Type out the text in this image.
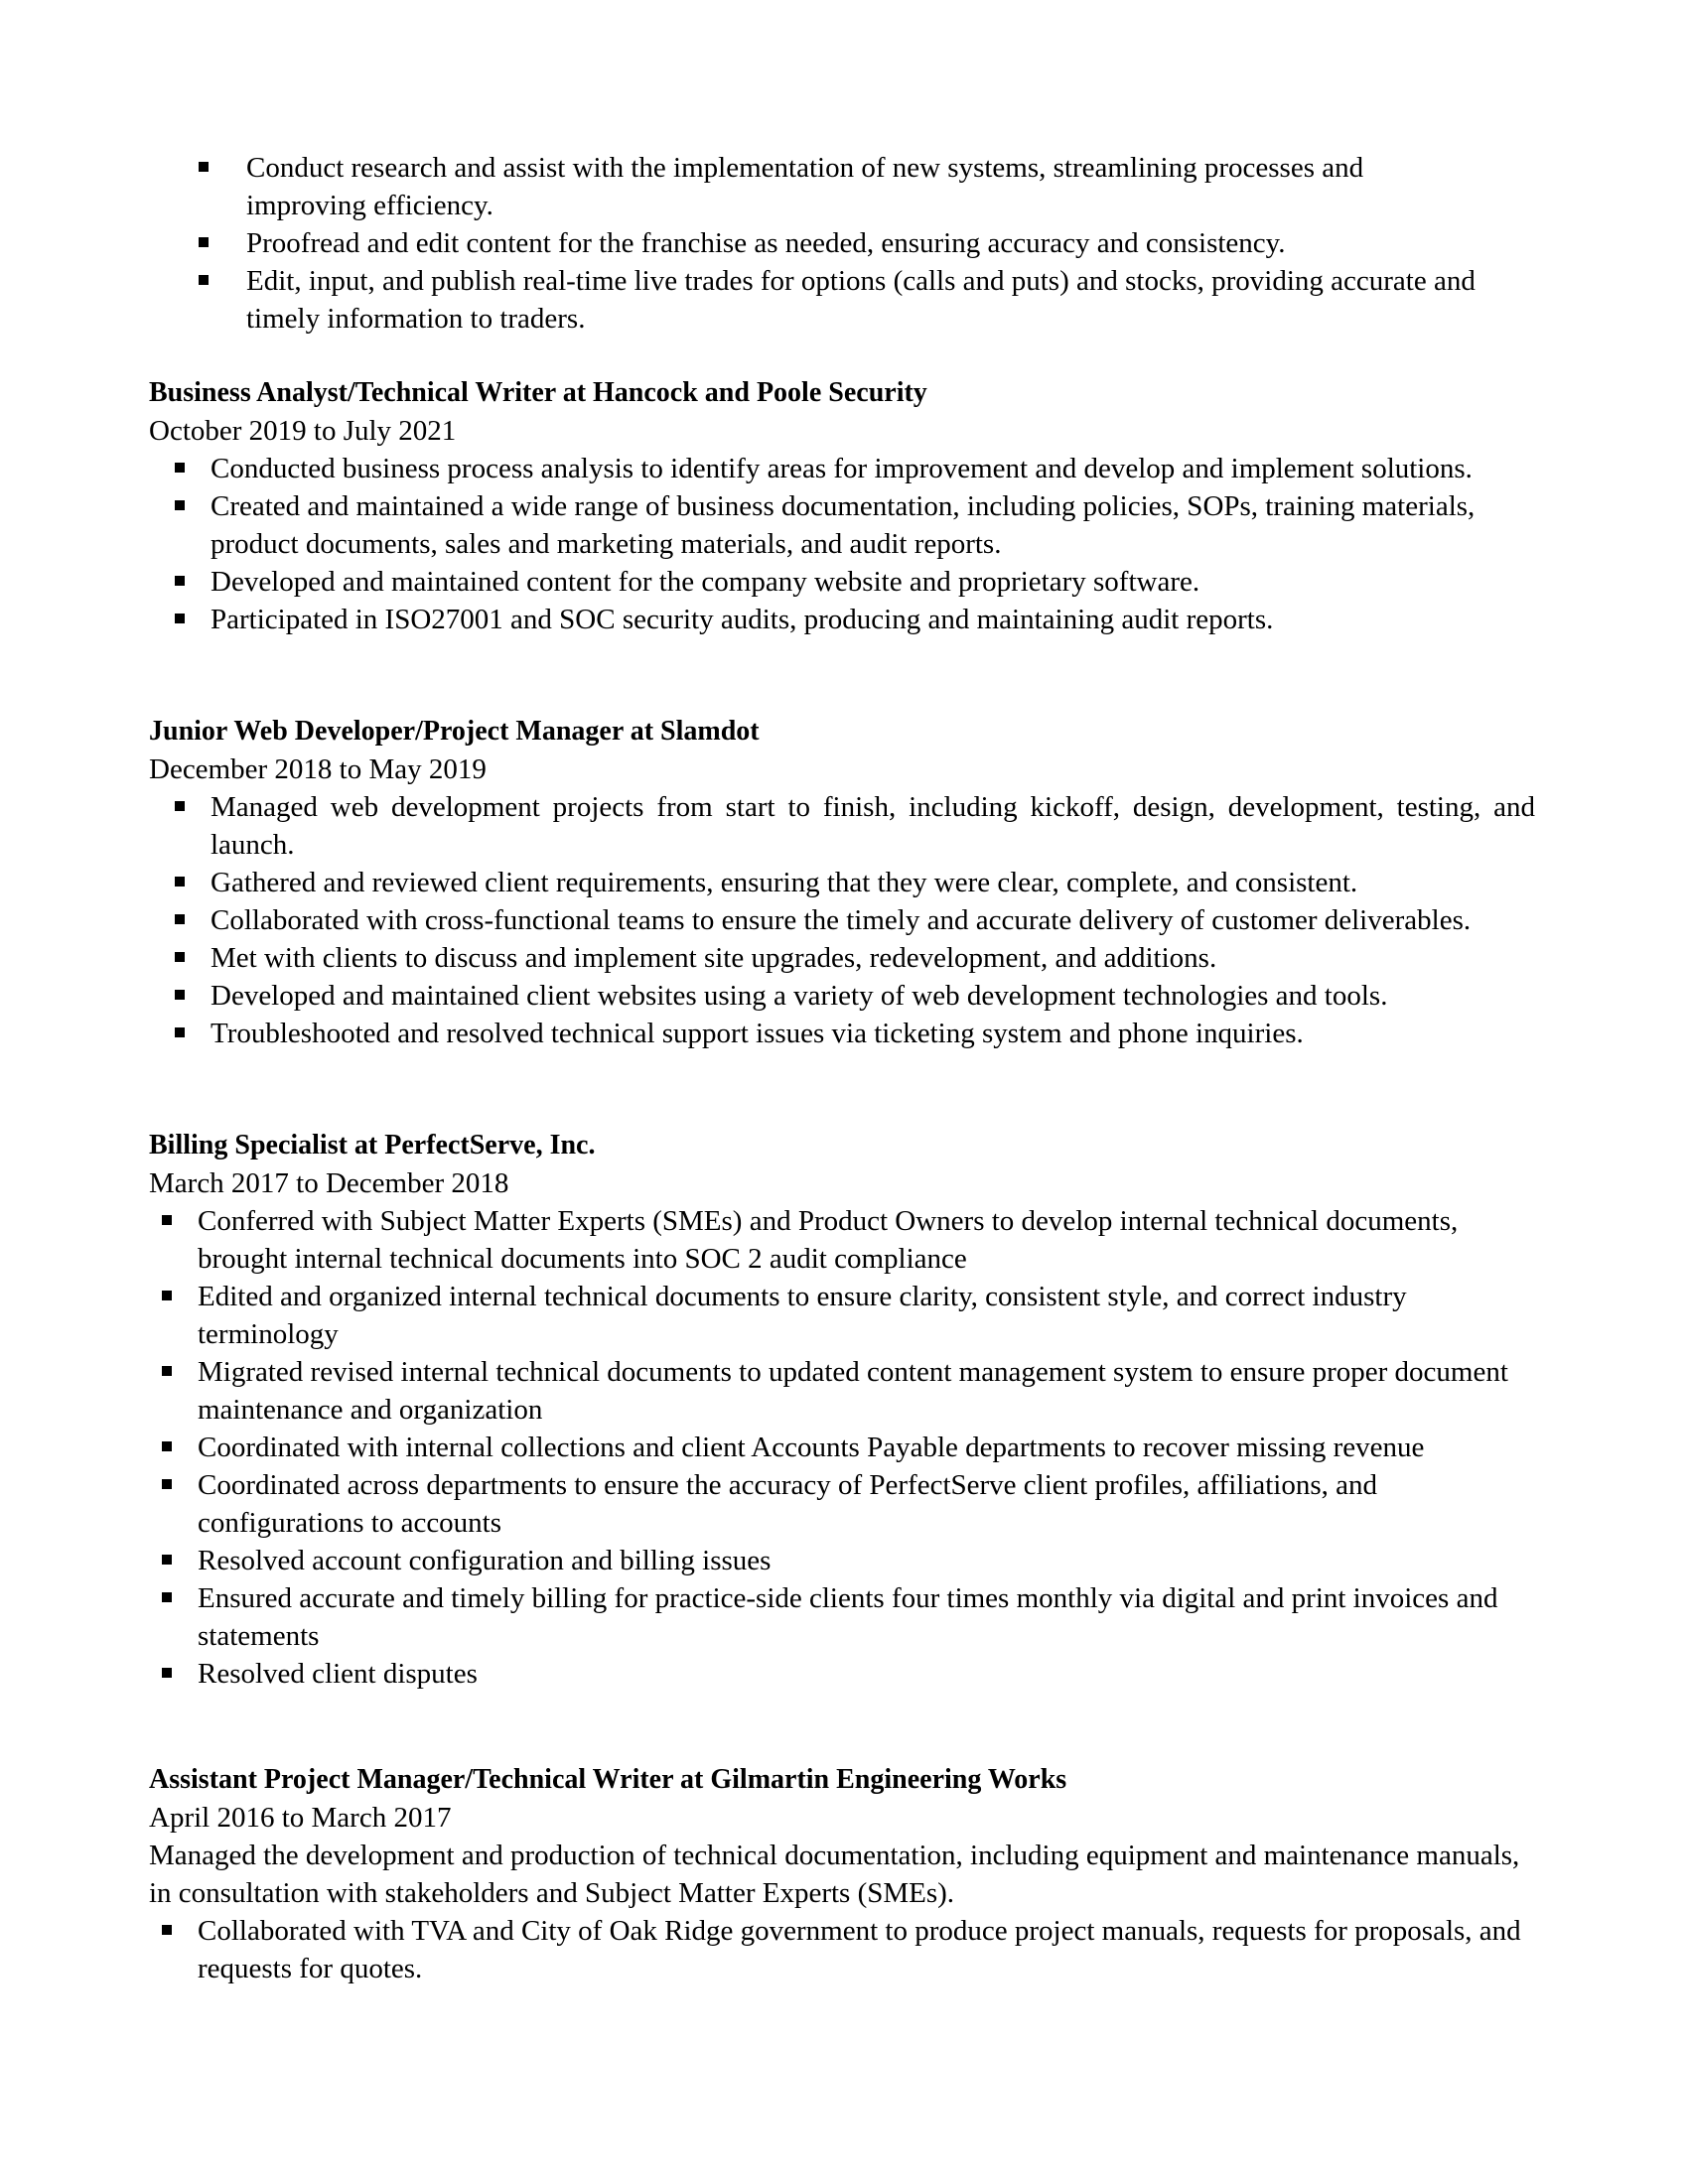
Conduct research and assist with the implementation of new systems, streamlining processes and improving efficiency.
Proofread and edit content for the franchise as needed, ensuring accuracy and consistency.
Edit, input, and publish real-time live trades for options (calls and puts) and stocks, providing accurate and timely information to traders.

Business Analyst/Technical Writer at Hancock and Poole Security

October 2019 to July 2021

Conducted business process analysis to identify areas for improvement and develop and implement solutions.
Created and maintained a wide range of business documentation, including policies, SOPs, training materials, product documents, sales and marketing materials, and audit reports.
Developed and maintained content for the company website and proprietary software.
Participated in ISO27001 and SOC security audits, producing and maintaining audit reports.

Junior Web Developer/Project Manager at Slamdot

December 2018 to May 2019

Managed web development projects from start to finish, including kickoff, design, development, testing, and launch.
Gathered and reviewed client requirements, ensuring that they were clear, complete, and consistent.
Collaborated with cross-functional teams to ensure the timely and accurate delivery of customer deliverables.
Met with clients to discuss and implement site upgrades, redevelopment, and additions.
Developed and maintained client websites using a variety of web development technologies and tools.
Troubleshooted and resolved technical support issues via ticketing system and phone inquiries.

Billing Specialist at PerfectServe, Inc.

March 2017 to December 2018

Conferred with Subject Matter Experts (SMEs) and Product Owners to develop internal technical documents, brought internal technical documents into SOC 2 audit compliance
Edited and organized internal technical documents to ensure clarity, consistent style, and correct industry terminology
Migrated revised internal technical documents to updated content management system to ensure proper document maintenance and organization
Coordinated with internal collections and client Accounts Payable departments to recover missing revenue
Coordinated across departments to ensure the accuracy of PerfectServe client profiles, affiliations, and configurations to accounts
Resolved account configuration and billing issues
Ensured accurate and timely billing for practice-side clients four times monthly via digital and print invoices and statements
Resolved client disputes

Assistant Project Manager/Technical Writer at Gilmartin Engineering Works

April 2016 to March 2017

Managed the development and production of technical documentation, including equipment and maintenance manuals, in consultation with stakeholders and Subject Matter Experts (SMEs).

Collaborated with TVA and City of Oak Ridge government to produce project manuals, requests for proposals, and requests for quotes.
